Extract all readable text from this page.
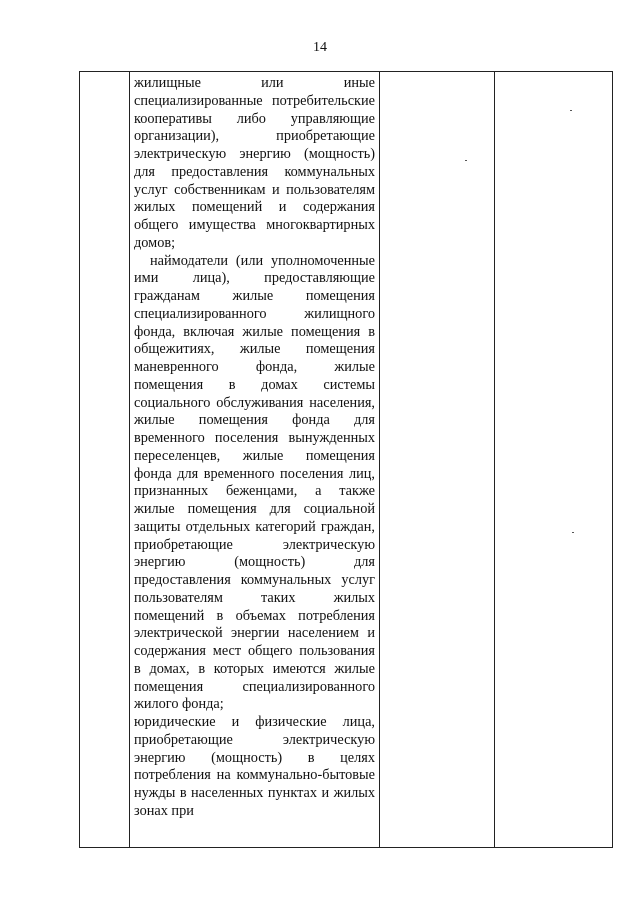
14

жилищные или иные специализированные потребительские кооперативы либо управляющие организации), приобретающие электрическую энергию (мощность) для предоставления коммунальных услуг собственникам и пользователям жилых помещений и содержания общего имущества многоквартирных домов;

наймодатели (или уполномоченные ими лица), предоставляющие гражданам жилые помещения специализированного жилищного фонда, включая жилые помещения в общежитиях, жилые помещения маневренного фонда, жилые помещения в домах системы социального обслуживания населения, жилые помещения фонда для временного поселения вынужденных переселенцев, жилые помещения фонда для временного поселения лиц, признанных беженцами, а также жилые помещения для социальной защиты отдельных категорий граждан, приобретающие электрическую энергию (мощность) для предоставления коммунальных услуг пользователям таких жилых помещений в объемах потребления электрической энергии населением и содержания мест общего пользования в домах, в которых имеются жилые помещения специализированного жилого фонда;

юридические и физические лица, приобретающие электрическую энергию (мощность) в целях потребления на коммунально-бытовые нужды в населенных пунктах и жилых зонах при
